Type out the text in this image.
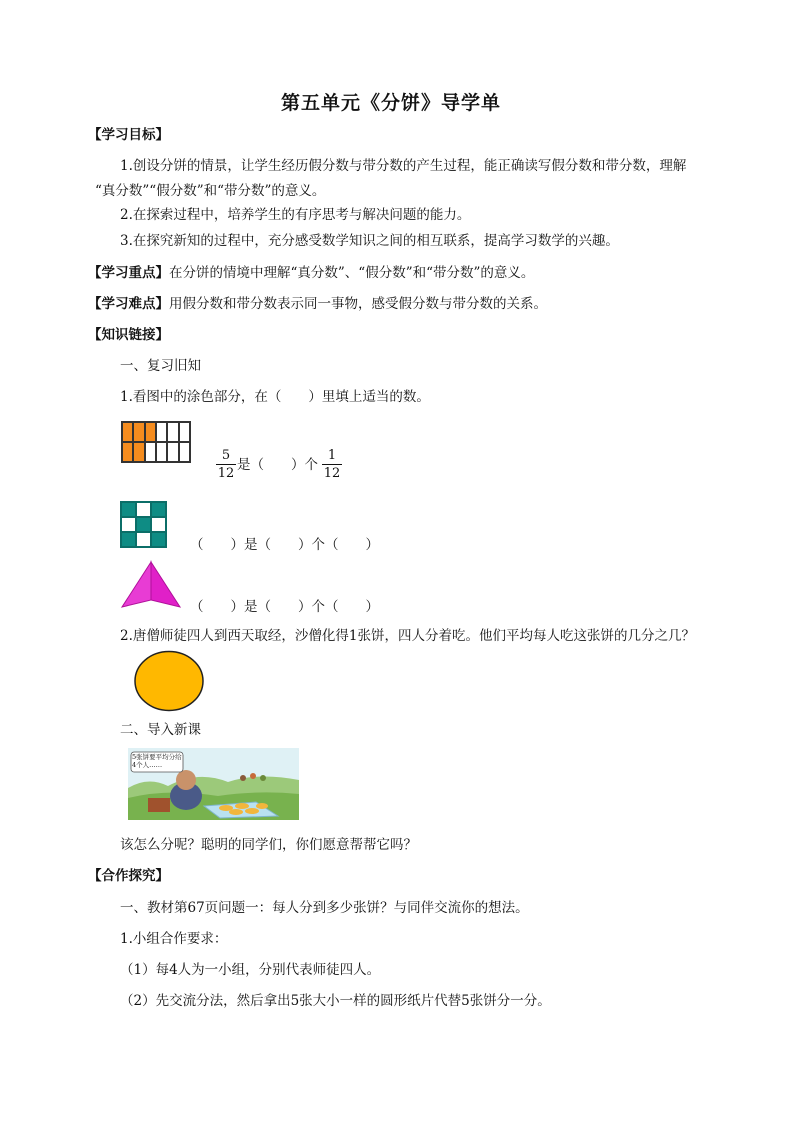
第五单元《分饼》导学单
【学习目标】
1.创设分饼的情景，让学生经历假分数与带分数的产生过程，能正确读写假分数和带分数，理解
“真分数”“假分数”和“带分数”的意义。
2.在探索过程中，培养学生的有序思考与解决问题的能力。
3.在探究新知的过程中，充分感受数学知识之间的相互联系，提高学习数学的兴趣。
【学习重点】在分饼的情境中理解“真分数”、“假分数”和“带分数”的意义。
【学习难点】用假分数和带分数表示同一事物，感受假分数与带分数的关系。
【知识链接】
一、复习旧知
1.看图中的涂色部分，在（　　）里填上适当的数。
5
12
是（　　）个
1
12
（　　）是（　　）个（　　）
（　　）是（　　）个（　　）
2.唐僧师徒四人到西天取经，沙僧化得1张饼，四人分着吃。他们平均每人吃这张饼的几分之几？
二、导入新课
5张饼要平均分给4个人……
该怎么分呢？聪明的同学们，你们愿意帮帮它吗？
【合作探究】
一、教材第67页问题一：每人分到多少张饼？与同伴交流你的想法。
1.小组合作要求：
（1）每4人为一小组，分别代表师徒四人。
（2）先交流分法，然后拿出5张大小一样的圆形纸片代替5张饼分一分。
